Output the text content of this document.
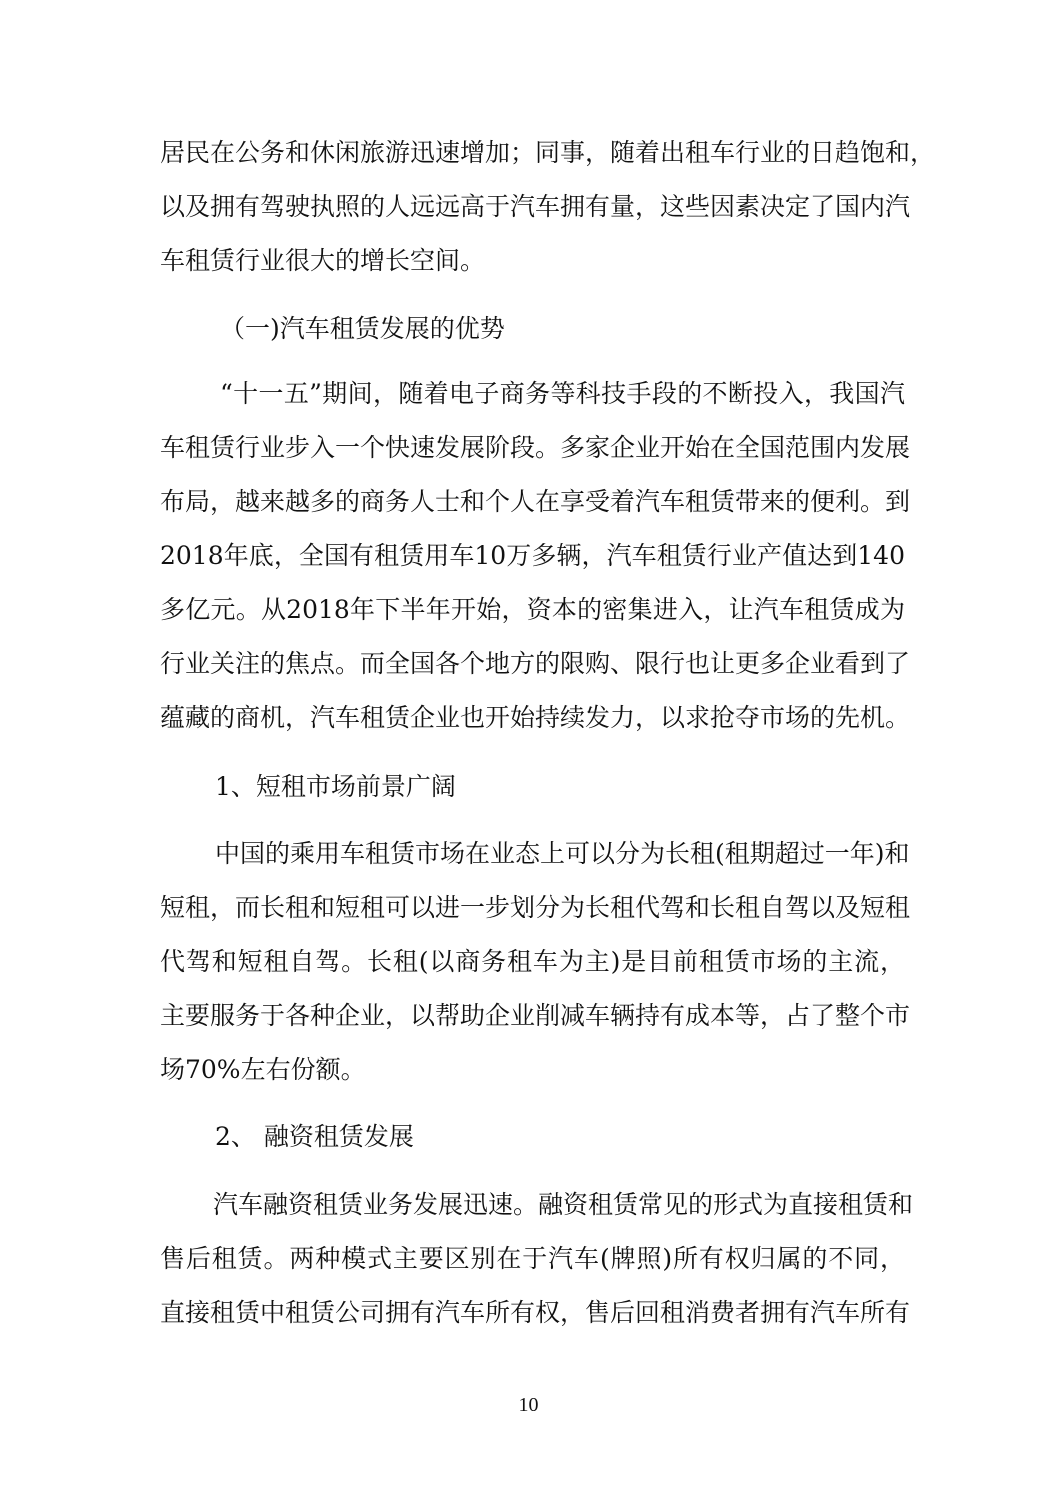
居民在公务和休闲旅游迅速增加；同事，随着出租车行业的日趋饱和，
以及拥有驾驶执照的人远远高于汽车拥有量，这些因素决定了国内汽
车租赁行业很大的增长空间。
（一)汽车租赁发展的优势
“十一五”期间，随着电子商务等科技手段的不断投入，我国汽
车租赁行业步入一个快速发展阶段。多家企业开始在全国范围内发展
布局，越来越多的商务人士和个人在享受着汽车租赁带来的便利。到
2018年底，全国有租赁用车10万多辆，汽车租赁行业产值达到140
多亿元。从2018年下半年开始，资本的密集进入，让汽车租赁成为
行业关注的焦点。而全国各个地方的限购、限行也让更多企业看到了
蕴藏的商机，汽车租赁企业也开始持续发力，以求抢夺市场的先机。
1、短租市场前景广阔
中国的乘用车租赁市场在业态上可以分为长租(租期超过一年)和
短租，而长租和短租可以进一步划分为长租代驾和长租自驾以及短租
代驾和短租自驾。长租(以商务租车为主)是目前租赁市场的主流，
主要服务于各种企业，以帮助企业削减车辆持有成本等，占了整个市
场70%左右份额。
2、 融资租赁发展
汽车融资租赁业务发展迅速。融资租赁常见的形式为直接租赁和
售后租赁。两种模式主要区别在于汽车(牌照)所有权归属的不同，
直接租赁中租赁公司拥有汽车所有权，售后回租消费者拥有汽车所有
10
